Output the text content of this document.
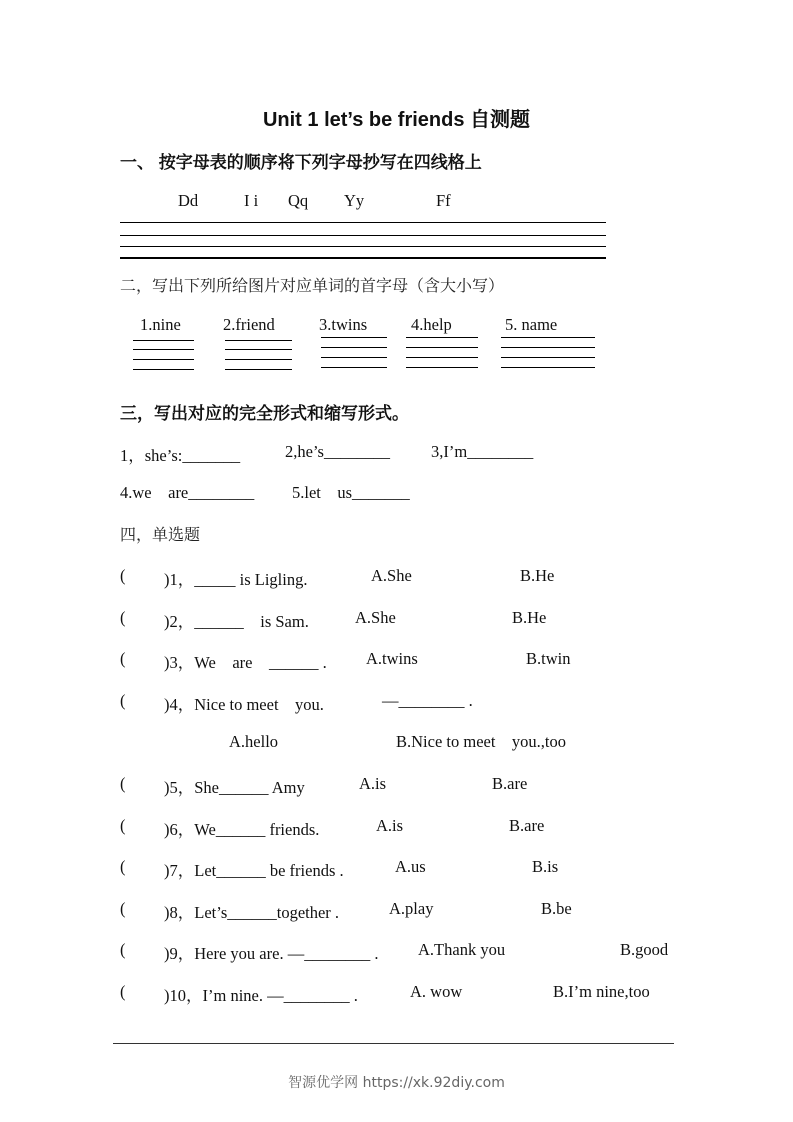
Unit 1 let’s be friends 自测题
一、 按字母表的顺序将下列字母抄写在四线格上
Dd	I i Qq Yy	Ff
二，写出下列所给图片对应单词的首字母（含大小写）
1.nine	2.friend	3.twins	4.help	5. name
三，写出对应的完全形式和缩写形式。
1，she’s:_______	2,he’s________ 3,I’m________
4.we    are________ 5.let    us_______
四，单选题
( )1，_____ is Ligling.	A.She	B.He
( )2，______    is Sam.	A.She	B.He
( )3，We    are    ______ . A.twins	B.twin
( )4，Nice to meet    you.	—________ .
A.hello	B.Nice to meet    you.,too
( )5，She______ Amy	A.is	B.are
( )6，We______ friends.	A.is	B.are
( )7，Let______ be friends .	A.us	B.is
( )8，Let’s______together .	A.play	B.be
( )9，Here you are. —________ . A.Thank you	B.good
( )10，I’m nine. —________ .	A. wow	B.I’m nine,too
智源优学网 https://xk.92diy.com
